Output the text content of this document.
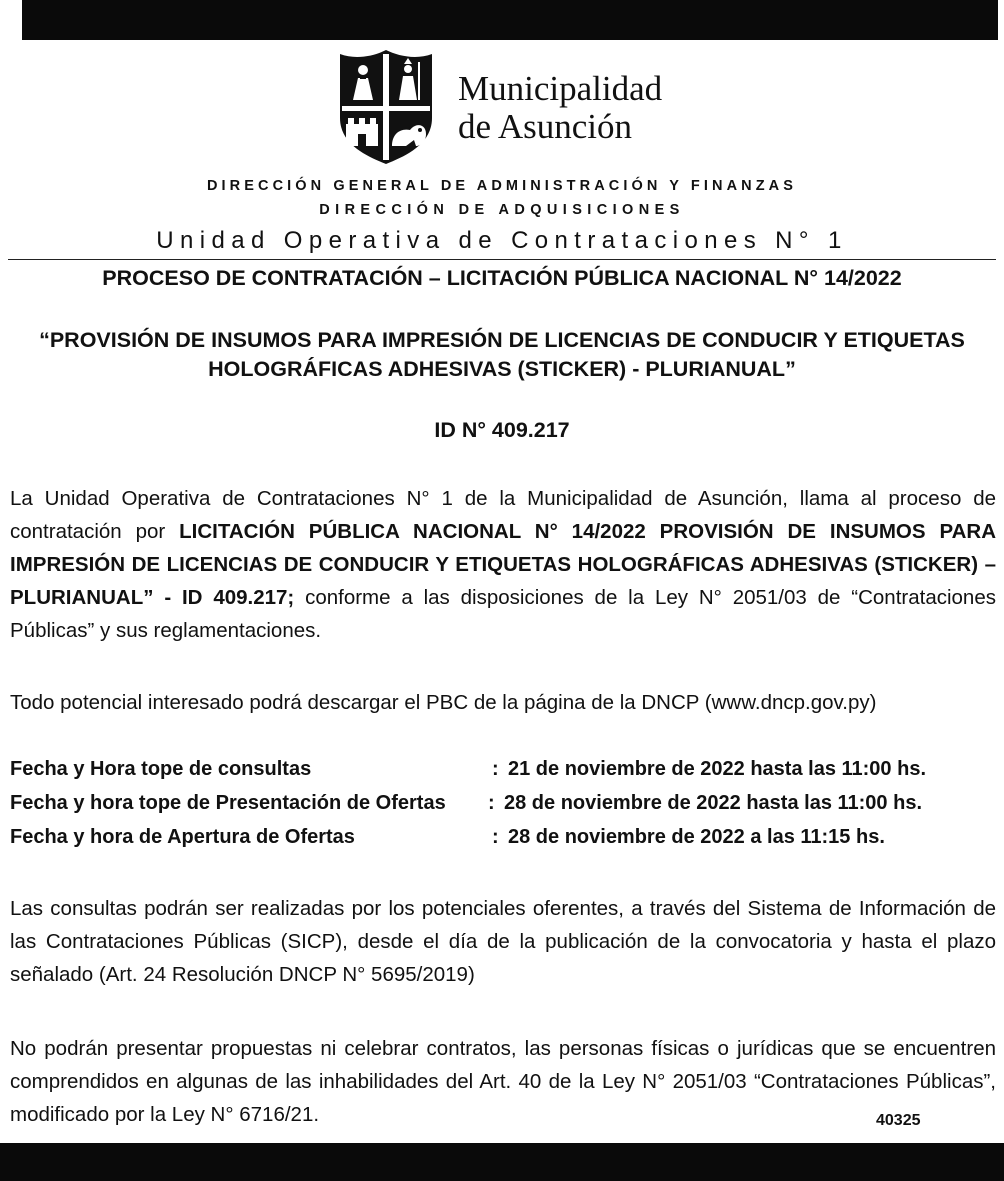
Municipalidad
de Asunción
DIRECCIÓN GENERAL DE ADMINISTRACIÓN Y FINANZAS
DIRECCIÓN DE ADQUISICIONES
Unidad Operativa de Contrataciones N° 1
PROCESO DE CONTRATACIÓN – LICITACIÓN PÚBLICA NACIONAL N° 14/2022
“PROVISIÓN DE INSUMOS PARA IMPRESIÓN DE LICENCIAS DE CONDUCIR Y ETIQUETAS
HOLOGRÁFICAS ADHESIVAS (STICKER) - PLURIANUAL”
ID N° 409.217
La Unidad Operativa de Contrataciones N° 1 de la Municipalidad de Asunción, llama al proceso de contratación por LICITACIÓN PÚBLICA NACIONAL N° 14/2022 PROVISIÓN DE INSUMOS PARA IMPRESIÓN DE LICENCIAS DE CONDUCIR Y ETIQUETAS HOLOGRÁFICAS ADHESIVAS (STICKER) – PLURIANUAL” - ID 409.217; conforme a las disposiciones de la Ley N° 2051/03 de “Contrataciones Públicas” y sus reglamentaciones.
Todo potencial interesado podrá descargar el PBC de la página de la DNCP (www.dncp.gov.py)
Fecha y Hora tope de consultas	: 21 de noviembre de 2022 hasta las 11:00 hs.
Fecha y hora tope de Presentación de Ofertas : 28 de noviembre de 2022 hasta las 11:00 hs.
Fecha y hora de Apertura de Ofertas	: 28 de noviembre de 2022 a las 11:15 hs.
Las consultas podrán ser realizadas por los potenciales oferentes, a través del Sistema de Información de las Contrataciones Públicas (SICP), desde el día de la publicación de la convocatoria y hasta el plazo señalado (Art. 24 Resolución DNCP N° 5695/2019)
No podrán presentar propuestas ni celebrar contratos, las personas físicas o jurídicas que se encuentren comprendidos en algunas de las inhabilidades del Art. 40 de la Ley N° 2051/03 “Contrataciones Públicas”, modificado por la Ley N° 6716/21.	40325
